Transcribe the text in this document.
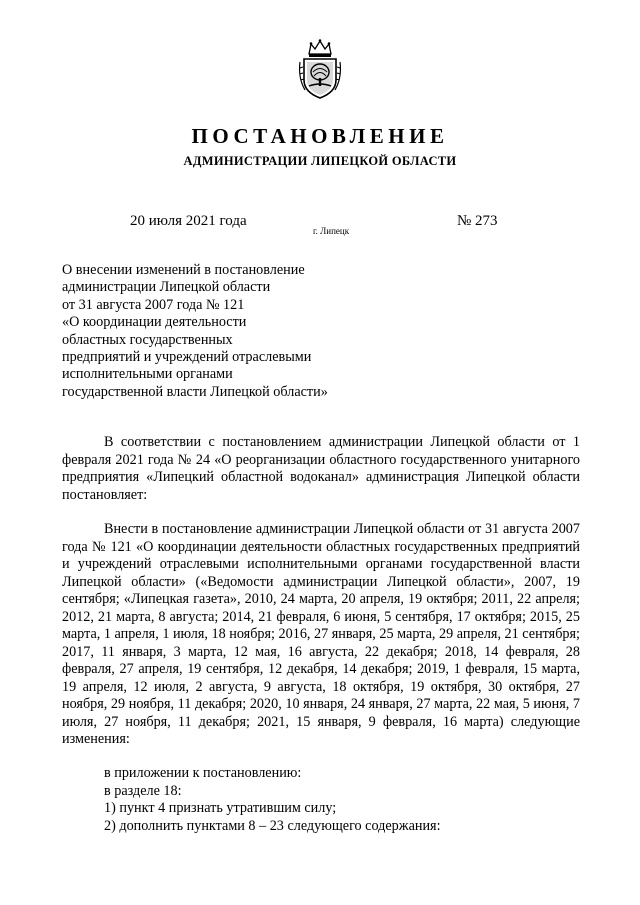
ПОСТАНОВЛЕНИЕ
АДМИНИСТРАЦИИ ЛИПЕЦКОЙ ОБЛАСТИ
20 июля 2021 года
г. Липецк
№ 273
О внесении изменений в постановление
администрации Липецкой области
от 31 августа 2007 года № 121
«О координации деятельности
областных государственных
предприятий и учреждений отраслевыми
исполнительными органами
государственной власти Липецкой области»

В соответствии с постановлением администрации Липецкой области от 1 февраля 2021 года № 24 «О реорганизации областного государственного унитарного предприятия «Липецкий областной водоканал» администрация Липецкой области постановляет:

Внести в постановление администрации Липецкой области от 31 августа 2007 года № 121 «О координации деятельности областных государственных предприятий и учреждений отраслевыми исполнительными органами государственной власти Липецкой области» («Ведомости администрации Липецкой области», 2007, 19 сентября; «Липецкая газета», 2010, 24 марта, 20 апреля, 19 октября; 2011, 22 апреля; 2012, 21 марта, 8 августа; 2014, 21 февраля, 6 июня, 5 сентября, 17 октября; 2015, 25 марта, 1 апреля, 1 июля, 18 ноября; 2016, 27 января, 25 марта, 29 апреля, 21 сентября; 2017, 11 января, 3 марта, 12 мая, 16 августа, 22 декабря; 2018, 14 февраля, 28 февраля, 27 апреля, 19 сентября, 12 декабря, 14 декабря; 2019, 1 февраля, 15 марта, 19 апреля, 12 июля, 2 августа, 9 августа, 18 октября, 19 октября, 30 октября, 27 ноября, 29 ноября, 11 декабря; 2020, 10 января, 24 января, 27 марта, 22 мая, 5 июня, 7 июля, 27 ноября, 11 декабря; 2021, 15 января, 9 февраля, 16 марта) следующие изменения:

в приложении к постановлению:
в разделе 18:
1) пункт 4 признать утратившим силу;
2) дополнить пунктами 8 – 23 следующего содержания:
